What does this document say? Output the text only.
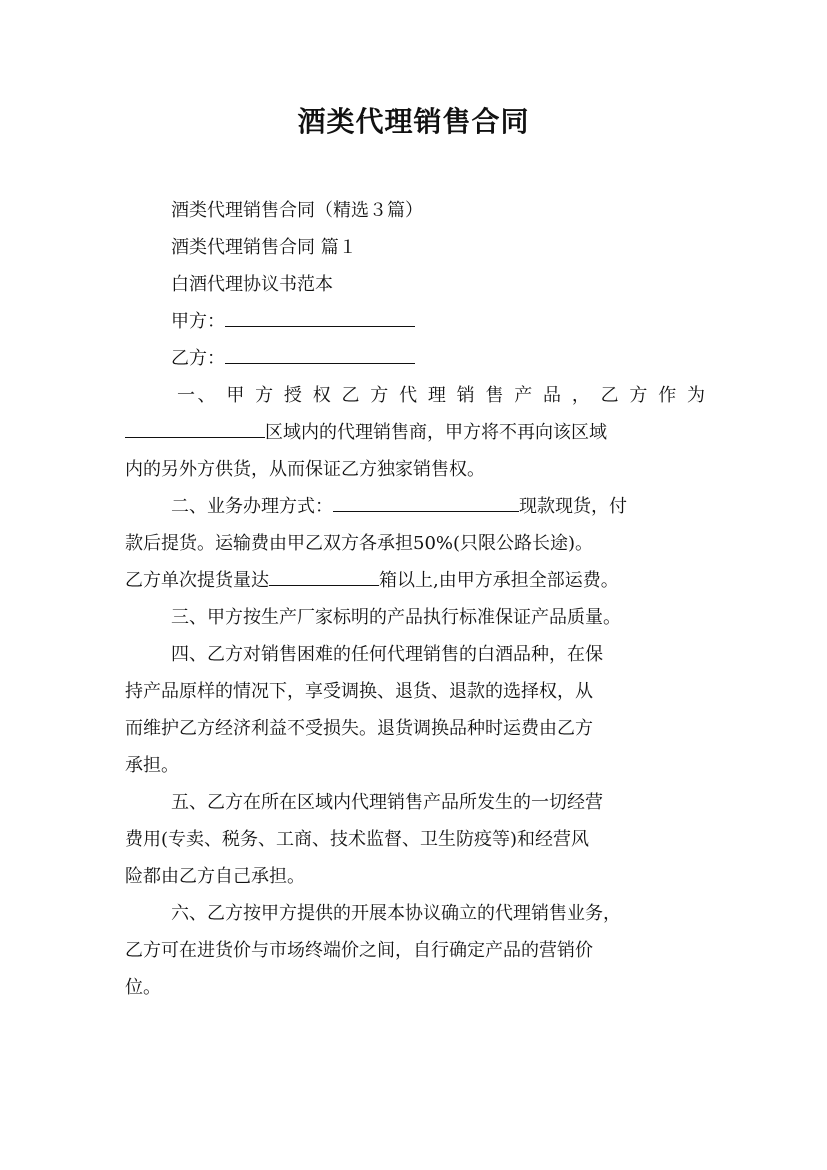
酒类代理销售合同
酒类代理销售合同（精选３篇）
酒类代理销售合同 篇１
白酒代理协议书范本
甲方：
乙方：
一、 甲 方 授 权 乙 方 代 理 销 售 产 品 ， 乙 方 作 为
区域内的代理销售商，甲方将不再向该区域
内的另外方供货，从而保证乙方独家销售权。
二、业务办理方式：	现款现货，付
款后提货。运输费由甲乙双方各承担50%(只限公路长途)。
乙方单次提货量达	箱以上,由甲方承担全部运费。
三、甲方按生产厂家标明的产品执行标准保证产品质量。
四、乙方对销售困难的任何代理销售的白酒品种，在保
持产品原样的情况下，享受调换、退货、退款的选择权，从
而维护乙方经济利益不受损失。退货调换品种时运费由乙方
承担。
五、乙方在所在区域内代理销售产品所发生的一切经营
费用(专卖、税务、工商、技术监督、卫生防疫等)和经营风
险都由乙方自己承担。
六、乙方按甲方提供的开展本协议确立的代理销售业务，
乙方可在进货价与市场终端价之间，自行确定产品的营销价
位。
